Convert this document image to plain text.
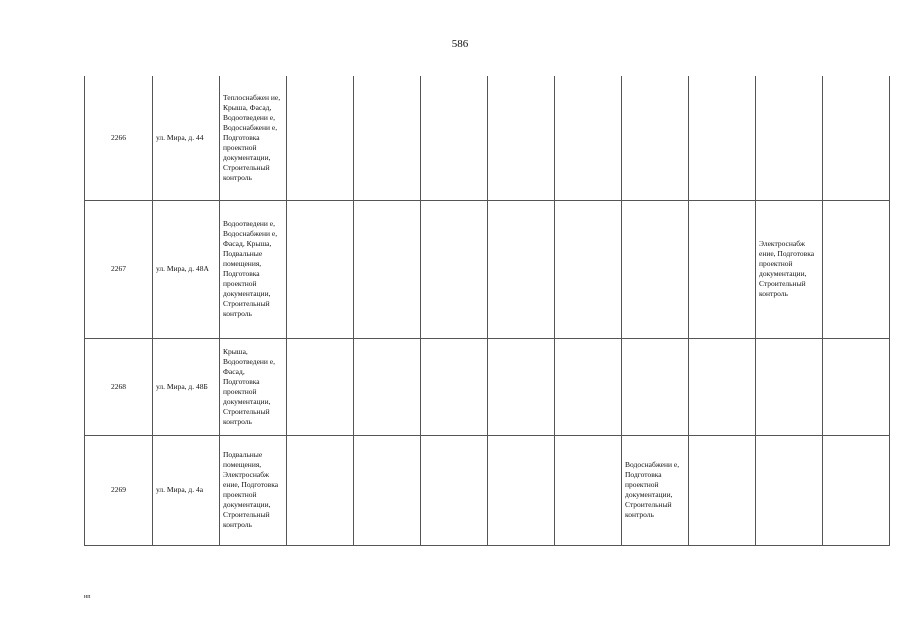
586
2266	ул. Мира, д. 44	Теплоснабжен ие, Крыша, Фасад, Водоотведени е, Водоснабжени е, Подготовка проектной документации, Строительный контроль									
2267	ул. Мира, д. 48А	Водоотведени е, Водоснабжени е, Фасад, Крыша, Подвальные помещения, Подготовка проектной документации, Строительный контроль								Электроснабж ение, Подготовка проектной документации, Строительный контроль	
2268	ул. Мира, д. 48Б	Крыша, Водоотведени е, Фасад, Подготовка проектной документации, Строительный контроль									
2269	ул. Мира, д. 4а	Подвальные помещения, Электроснабж ение, Подготовка проектной документации, Строительный контроль						Водоснабжени е, Подготовка проектной документации, Строительный контроль			
нп
